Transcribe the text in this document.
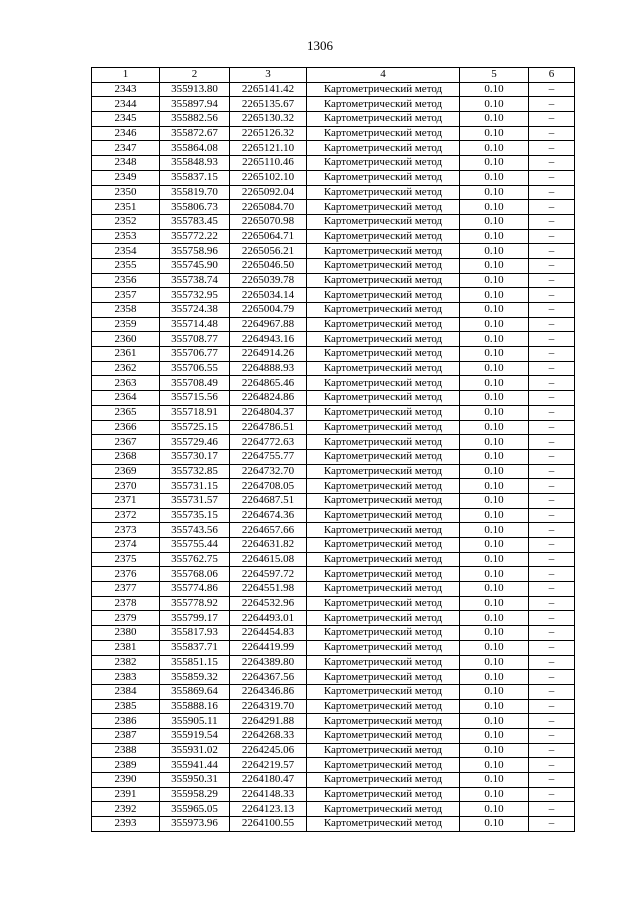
1306
1	2	3	4	5	6
2343	355913.80	2265141.42	Картометрический метод	0.10	–
2344	355897.94	2265135.67	Картометрический метод	0.10	–
2345	355882.56	2265130.32	Картометрический метод	0.10	–
2346	355872.67	2265126.32	Картометрический метод	0.10	–
2347	355864.08	2265121.10	Картометрический метод	0.10	–
2348	355848.93	2265110.46	Картометрический метод	0.10	–
2349	355837.15	2265102.10	Картометрический метод	0.10	–
2350	355819.70	2265092.04	Картометрический метод	0.10	–
2351	355806.73	2265084.70	Картометрический метод	0.10	–
2352	355783.45	2265070.98	Картометрический метод	0.10	–
2353	355772.22	2265064.71	Картометрический метод	0.10	–
2354	355758.96	2265056.21	Картометрический метод	0.10	–
2355	355745.90	2265046.50	Картометрический метод	0.10	–
2356	355738.74	2265039.78	Картометрический метод	0.10	–
2357	355732.95	2265034.14	Картометрический метод	0.10	–
2358	355724.38	2265004.79	Картометрический метод	0.10	–
2359	355714.48	2264967.88	Картометрический метод	0.10	–
2360	355708.77	2264943.16	Картометрический метод	0.10	–
2361	355706.77	2264914.26	Картометрический метод	0.10	–
2362	355706.55	2264888.93	Картометрический метод	0.10	–
2363	355708.49	2264865.46	Картометрический метод	0.10	–
2364	355715.56	2264824.86	Картометрический метод	0.10	–
2365	355718.91	2264804.37	Картометрический метод	0.10	–
2366	355725.15	2264786.51	Картометрический метод	0.10	–
2367	355729.46	2264772.63	Картометрический метод	0.10	–
2368	355730.17	2264755.77	Картометрический метод	0.10	–
2369	355732.85	2264732.70	Картометрический метод	0.10	–
2370	355731.15	2264708.05	Картометрический метод	0.10	–
2371	355731.57	2264687.51	Картометрический метод	0.10	–
2372	355735.15	2264674.36	Картометрический метод	0.10	–
2373	355743.56	2264657.66	Картометрический метод	0.10	–
2374	355755.44	2264631.82	Картометрический метод	0.10	–
2375	355762.75	2264615.08	Картометрический метод	0.10	–
2376	355768.06	2264597.72	Картометрический метод	0.10	–
2377	355774.86	2264551.98	Картометрический метод	0.10	–
2378	355778.92	2264532.96	Картометрический метод	0.10	–
2379	355799.17	2264493.01	Картометрический метод	0.10	–
2380	355817.93	2264454.83	Картометрический метод	0.10	–
2381	355837.71	2264419.99	Картометрический метод	0.10	–
2382	355851.15	2264389.80	Картометрический метод	0.10	–
2383	355859.32	2264367.56	Картометрический метод	0.10	–
2384	355869.64	2264346.86	Картометрический метод	0.10	–
2385	355888.16	2264319.70	Картометрический метод	0.10	–
2386	355905.11	2264291.88	Картометрический метод	0.10	–
2387	355919.54	2264268.33	Картометрический метод	0.10	–
2388	355931.02	2264245.06	Картометрический метод	0.10	–
2389	355941.44	2264219.57	Картометрический метод	0.10	–
2390	355950.31	2264180.47	Картометрический метод	0.10	–
2391	355958.29	2264148.33	Картометрический метод	0.10	–
2392	355965.05	2264123.13	Картометрический метод	0.10	–
2393	355973.96	2264100.55	Картометрический метод	0.10	–
